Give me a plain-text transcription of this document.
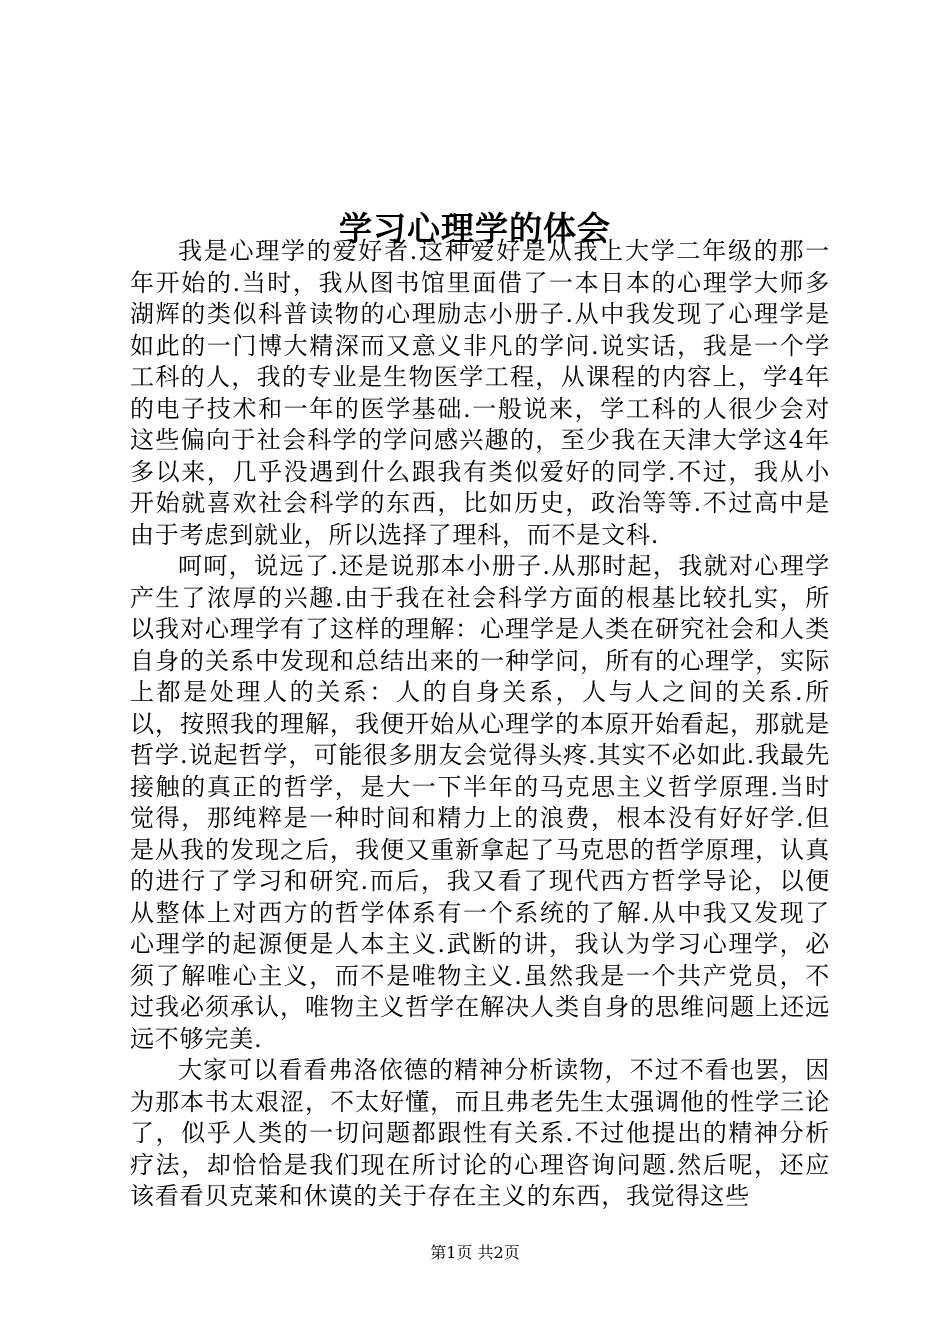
学习心理学的体会

我是心理学的爱好者.这种爱好是从我上大学二年级的那一年开始的.当时，我从图书馆里面借了一本日本的心理学大师多湖辉的类似科普读物的心理励志小册子.从中我发现了心理学是如此的一门博大精深而又意义非凡的学问.说实话，我是一个学工科的人，我的专业是生物医学工程，从课程的内容上，学4年的电子技术和一年的医学基础.一般说来，学工科的人很少会对这些偏向于社会科学的学问感兴趣的，至少我在天津大学这4年多以来，几乎没遇到什么跟我有类似爱好的同学.不过，我从小开始就喜欢社会科学的东西，比如历史，政治等等.不过高中是由于考虑到就业，所以选择了理科，而不是文科.

呵呵，说远了.还是说那本小册子.从那时起，我就对心理学产生了浓厚的兴趣.由于我在社会科学方面的根基比较扎实，所以我对心理学有了这样的理解：心理学是人类在研究社会和人类自身的关系中发现和总结出来的一种学问，所有的心理学，实际上都是处理人的关系：人的自身关系，人与人之间的关系.所以，按照我的理解，我便开始从心理学的本原开始看起，那就是哲学.说起哲学，可能很多朋友会觉得头疼.其实不必如此.我最先接触的真正的哲学，是大一下半年的马克思主义哲学原理.当时觉得，那纯粹是一种时间和精力上的浪费，根本没有好好学.但是从我的发现之后，我便又重新拿起了马克思的哲学原理，认真的进行了学习和研究.而后，我又看了现代西方哲学导论，以便从整体上对西方的哲学体系有一个系统的了解.从中我又发现了心理学的起源便是人本主义.武断的讲，我认为学习心理学，必须了解唯心主义，而不是唯物主义.虽然我是一个共产党员，不过我必须承认，唯物主义哲学在解决人类自身的思维问题上还远远不够完美.

大家可以看看弗洛依德的精神分析读物，不过不看也罢，因为那本书太艰涩，不太好懂，而且弗老先生太强调他的性学三论了，似乎人类的一切问题都跟性有关系.不过他提出的精神分析疗法，却恰恰是我们现在所讨论的心理咨询问题.然后呢，还应该看看贝克莱和休谟的关于存在主义的东西，我觉得这些

第1页 共2页
